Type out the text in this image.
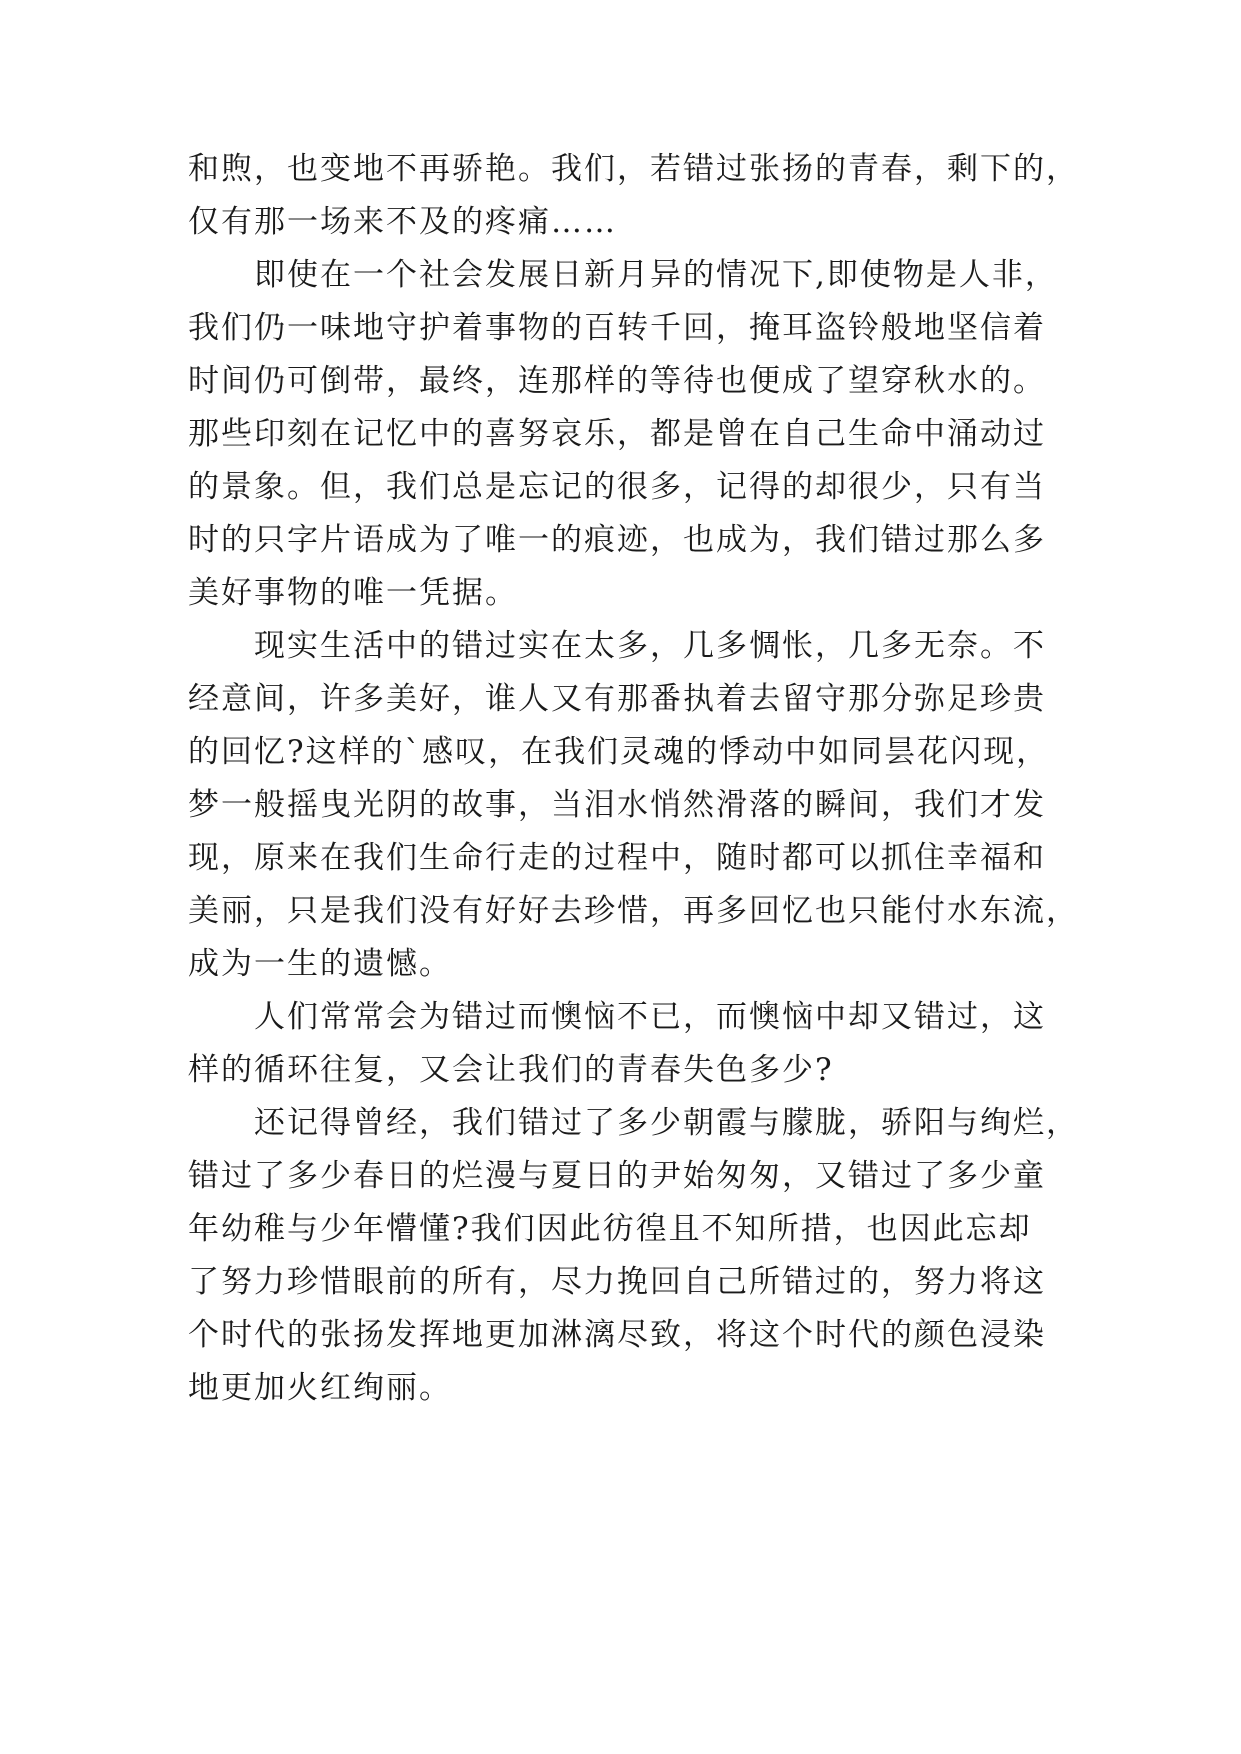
和煦，也变地不再骄艳。我们，若错过张扬的青春，剩下的，
仅有那一场来不及的疼痛……
即使在一个社会发展日新月异的情况下,即使物是人非，
我们仍一味地守护着事物的百转千回，掩耳盗铃般地坚信着
时间仍可倒带，最终，连那样的等待也便成了望穿秋水的。
那些印刻在记忆中的喜努哀乐，都是曾在自己生命中涌动过
的景象。但，我们总是忘记的很多，记得的却很少，只有当
时的只字片语成为了唯一的痕迹，也成为，我们错过那么多
美好事物的唯一凭据。
现实生活中的错过实在太多，几多惆怅，几多无奈。不
经意间，许多美好，谁人又有那番执着去留守那分弥足珍贵
的回忆?这样的`感叹，在我们灵魂的悸动中如同昙花闪现，
梦一般摇曳光阴的故事，当泪水悄然滑落的瞬间，我们才发
现，原来在我们生命行走的过程中，随时都可以抓住幸福和
美丽，只是我们没有好好去珍惜，再多回忆也只能付水东流，
成为一生的遗憾。
人们常常会为错过而懊恼不已，而懊恼中却又错过，这
样的循环往复，又会让我们的青春失色多少?
还记得曾经，我们错过了多少朝霞与朦胧，骄阳与绚烂，
错过了多少春日的烂漫与夏日的尹始匆匆，又错过了多少童
年幼稚与少年懵懂?我们因此彷徨且不知所措，也因此忘却
了努力珍惜眼前的所有，尽力挽回自己所错过的，努力将这
个时代的张扬发挥地更加淋漓尽致，将这个时代的颜色浸染
地更加火红绚丽。
